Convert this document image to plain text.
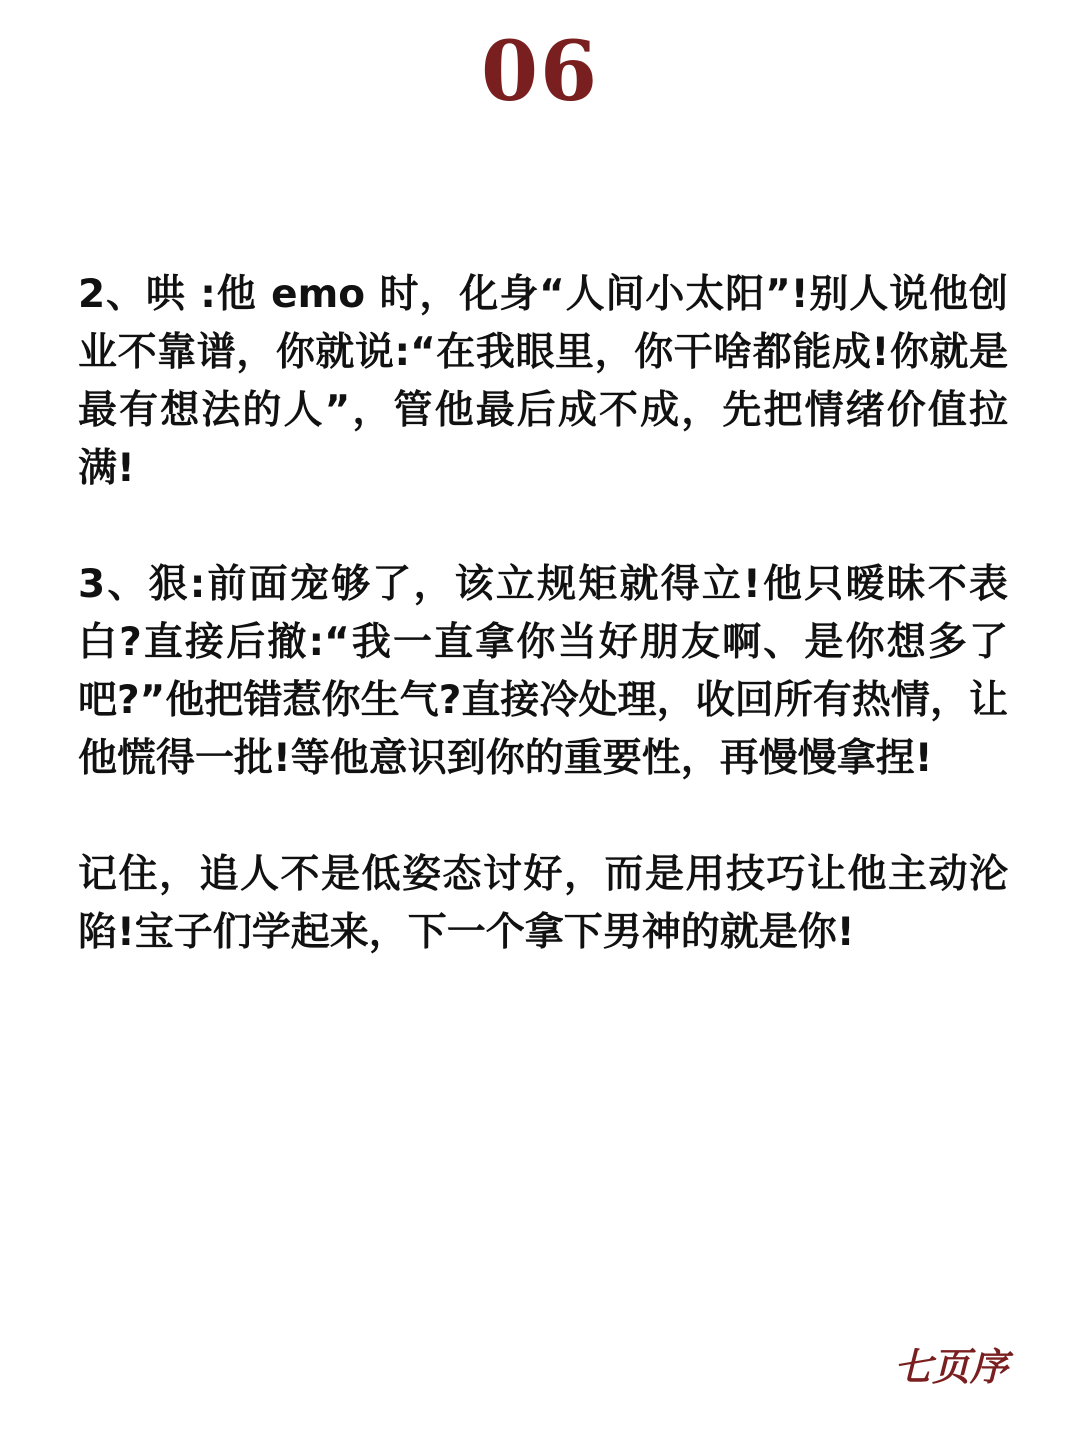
06

2、哄 :他 emo 时，化身“人间小太阳”!别人说他创业不靠谱，你就说:“在我眼里，你干啥都能成!你就是最有想法的人”，管他最后成不成，先把情绪价值拉满!

3、狠:前面宠够了，该立规矩就得立!他只暧昧不表白?直接后撤:“我一直拿你当好朋友啊、是你想多了吧?”他把错惹你生气?直接冷处理，收回所有热情，让他慌得一批!等他意识到你的重要性，再慢慢拿捏!

记住，追人不是低姿态讨好，而是用技巧让他主动沦陷!宝子们学起来，下一个拿下男神的就是你!

七页序
